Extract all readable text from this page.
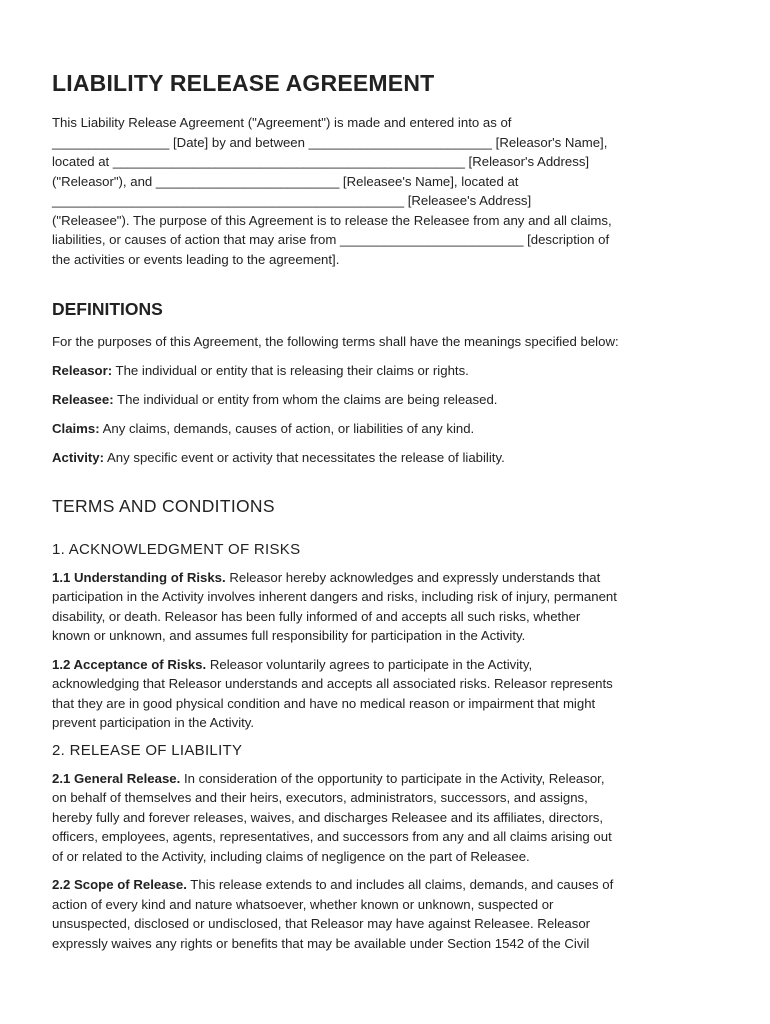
LIABILITY RELEASE AGREEMENT

This Liability Release Agreement ("Agreement") is made and entered into as of

________________ [Date] by and between _________________________ [Releasor's Name],

located at ________________________________________________ [Releasor's Address]

("Releasor"), and _________________________ [Releasee's Name], located at

________________________________________________ [Releasee's Address]

("Releasee"). The purpose of this Agreement is to release the Releasee from any and all claims,

liabilities, or causes of action that may arise from _________________________ [description of

the activities or events leading to the agreement].

DEFINITIONS

For the purposes of this Agreement, the following terms shall have the meanings specified below:

Releasor: The individual or entity that is releasing their claims or rights.

Releasee: The individual or entity from whom the claims are being released.

Claims: Any claims, demands, causes of action, or liabilities of any kind.

Activity: Any specific event or activity that necessitates the release of liability.

TERMS AND CONDITIONS
1. ACKNOWLEDGMENT OF RISKS

1.1 Understanding of Risks. Releasor hereby acknowledges and expressly understands that

participation in the Activity involves inherent dangers and risks, including risk of injury, permanent

disability, or death. Releasor has been fully informed of and accepts all such risks, whether

known or unknown, and assumes full responsibility for participation in the Activity.

1.2 Acceptance of Risks. Releasor voluntarily agrees to participate in the Activity,

acknowledging that Releasor understands and accepts all associated risks. Releasor represents

that they are in good physical condition and have no medical reason or impairment that might

prevent participation in the Activity.

2. RELEASE OF LIABILITY

2.1 General Release. In consideration of the opportunity to participate in the Activity, Releasor,

on behalf of themselves and their heirs, executors, administrators, successors, and assigns,

hereby fully and forever releases, waives, and discharges Releasee and its affiliates, directors,

officers, employees, agents, representatives, and successors from any and all claims arising out

of or related to the Activity, including claims of negligence on the part of Releasee.

2.2 Scope of Release. This release extends to and includes all claims, demands, and causes of

action of every kind and nature whatsoever, whether known or unknown, suspected or

unsuspected, disclosed or undisclosed, that Releasor may have against Releasee. Releasor

expressly waives any rights or benefits that may be available under Section 1542 of the Civil
